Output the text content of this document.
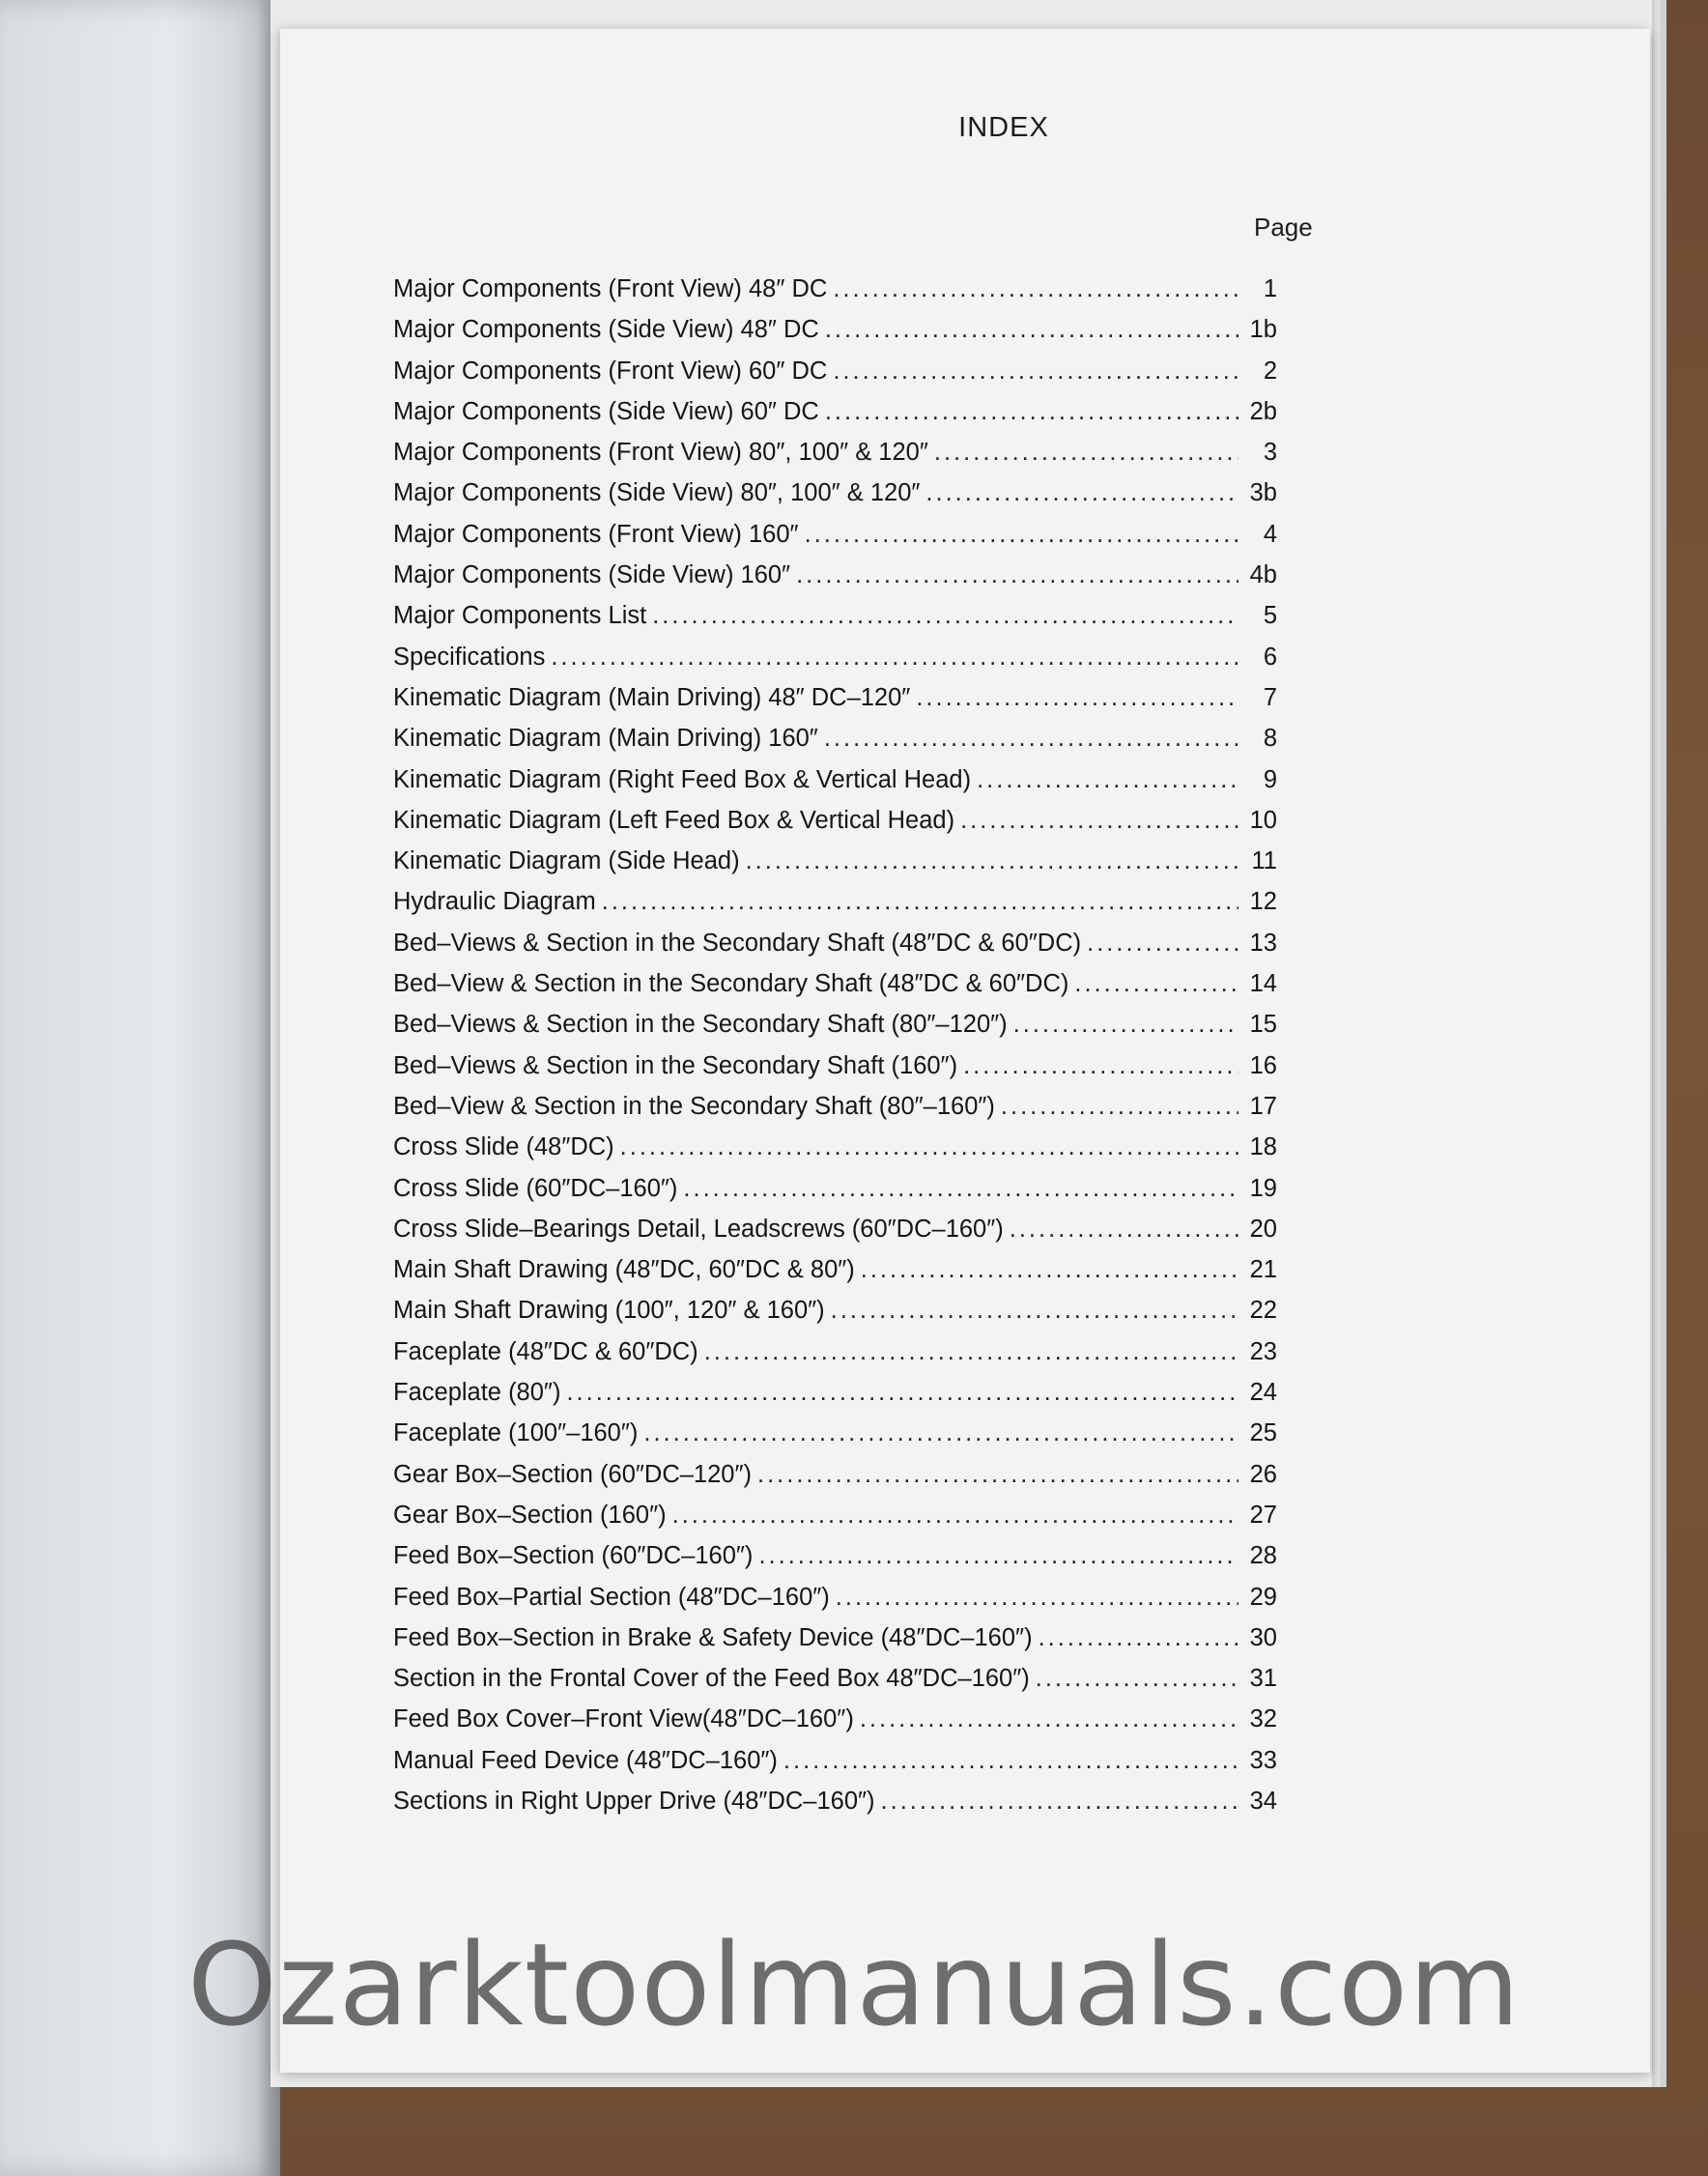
INDEX
Page
Major Components (Front View) 48″ DC .....	1
Major Components (Side View) 48″ DC .....	1b
Major Components (Front View) 60″ DC .....	2
Major Components (Side View) 60″ DC .....	2b
Major Components (Front View) 80″, 100″ & 120″ .....	3
Major Components (Side View) 80″, 100″ & 120″ .....	3b
Major Components (Front View) 160″ .....	4
Major Components (Side View) 160″ .....	4b
Major Components List .....	5
Specifications .....	6
Kinematic Diagram (Main Driving) 48″ DC–120″ .....	7
Kinematic Diagram (Main Driving) 160″ .....	8
Kinematic Diagram (Right Feed Box & Vertical Head) .....	9
Kinematic Diagram (Left Feed Box & Vertical Head) .....	10
Kinematic Diagram (Side Head) .....	11
Hydraulic Diagram .....	12
Bed–Views & Section in the Secondary Shaft (48″DC & 60″DC) .....	13
Bed–View & Section in the Secondary Shaft (48″DC & 60″DC) .....	14
Bed–Views & Section in the Secondary Shaft (80″–120″) .....	15
Bed–Views & Section in the Secondary Shaft (160″) .....	16
Bed–View & Section in the Secondary Shaft (80″–160″) .....	17
Cross Slide (48″DC) .....	18
Cross Slide (60″DC–160″) .....	19
Cross Slide–Bearings Detail, Leadscrews (60″DC–160″) .....	20
Main Shaft Drawing (48″DC, 60″DC & 80″) .....	21
Main Shaft Drawing (100″, 120″ & 160″) .....	22
Faceplate (48″DC & 60″DC) .....	23
Faceplate (80″) .....	24
Faceplate (100″–160″) .....	25
Gear Box–Section (60″DC–120″) .....	26
Gear Box–Section (160″) .....	27
Feed Box–Section (60″DC–160″) .....	28
Feed Box–Partial Section (48″DC–160″) .....	29
Feed Box–Section in Brake & Safety Device (48″DC–160″) .....	30
Section in the Frontal Cover of the Feed Box 48″DC–160″) .....	31
Feed Box Cover–Front View(48″DC–160″) .....	32
Manual Feed Device (48″DC–160″) .....	33
Sections in Right Upper Drive (48″DC–160″) .....	34
Ozarktoolmanuals.com
